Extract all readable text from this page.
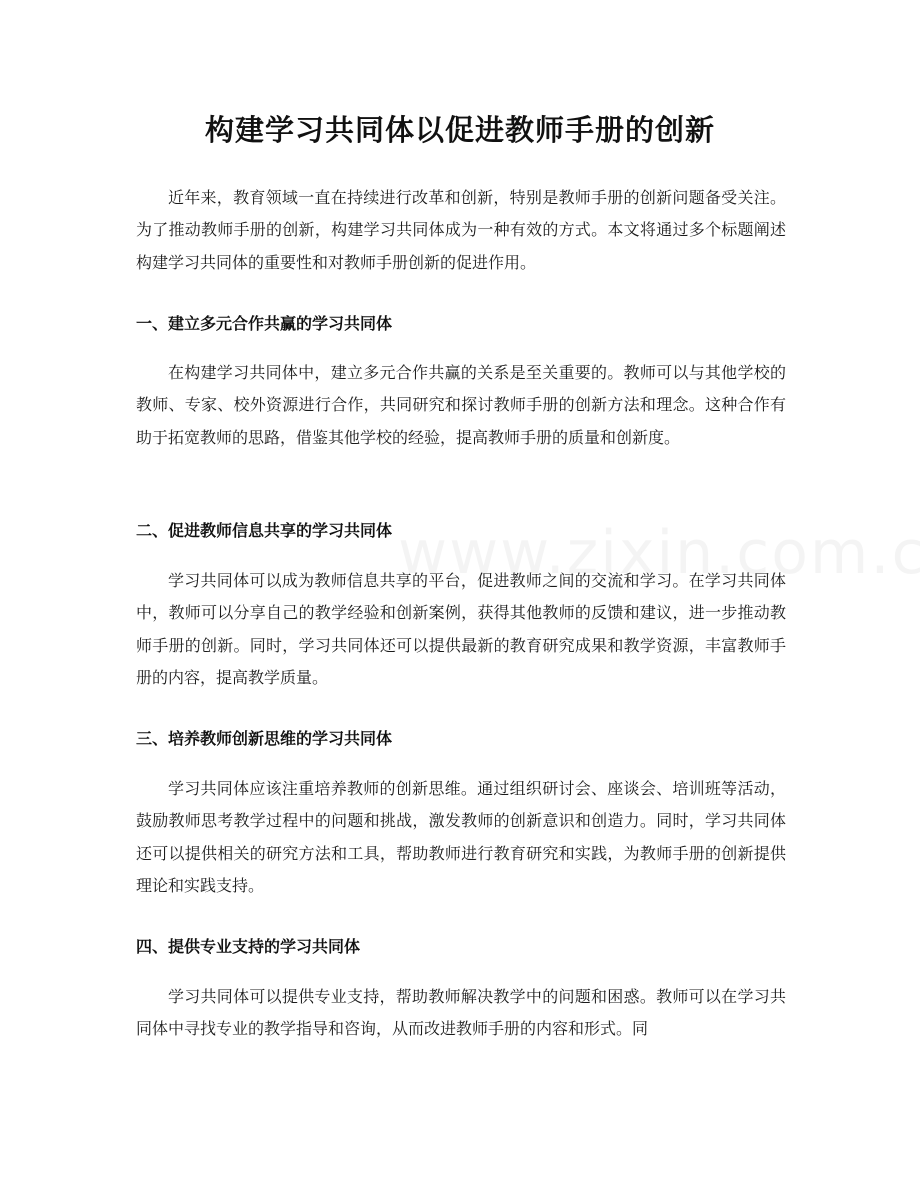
构建学习共同体以促进教师手册的创新

近年来，教育领域一直在持续进行改革和创新，特别是教师手册的创新问题备受关注。为了推动教师手册的创新，构建学习共同体成为一种有效的方式。本文将通过多个标题阐述构建学习共同体的重要性和对教师手册创新的促进作用。

一、建立多元合作共赢的学习共同体

在构建学习共同体中，建立多元合作共赢的关系是至关重要的。教师可以与其他学校的教师、专家、校外资源进行合作，共同研究和探讨教师手册的创新方法和理念。这种合作有助于拓宽教师的思路，借鉴其他学校的经验，提高教师手册的质量和创新度。

二、促进教师信息共享的学习共同体

学习共同体可以成为教师信息共享的平台，促进教师之间的交流和学习。在学习共同体中，教师可以分享自己的教学经验和创新案例，获得其他教师的反馈和建议，进一步推动教师手册的创新。同时，学习共同体还可以提供最新的教育研究成果和教学资源，丰富教师手册的内容，提高教学质量。

三、培养教师创新思维的学习共同体

学习共同体应该注重培养教师的创新思维。通过组织研讨会、座谈会、培训班等活动，鼓励教师思考教学过程中的问题和挑战，激发教师的创新意识和创造力。同时，学习共同体还可以提供相关的研究方法和工具，帮助教师进行教育研究和实践，为教师手册的创新提供理论和实践支持。

四、提供专业支持的学习共同体

学习共同体可以提供专业支持，帮助教师解决教学中的问题和困惑。教师可以在学习共同体中寻找专业的教学指导和咨询，从而改进教师手册的内容和形式。同
